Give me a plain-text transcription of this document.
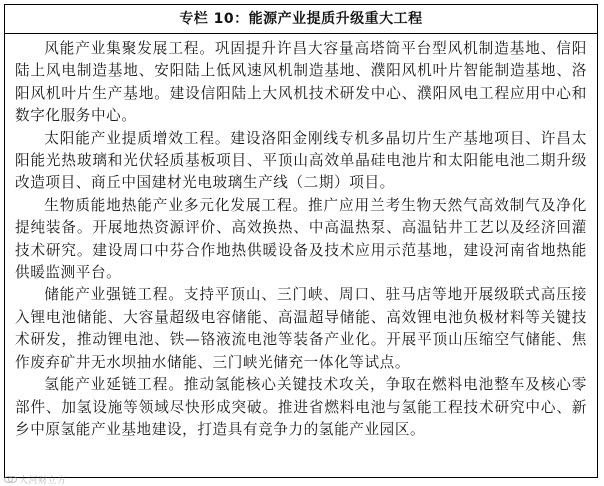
专栏 10：能源产业提质升级重大工程

风能产业集聚发展工程。巩固提升许昌大容量高塔筒平台型风机制造基地、信阳陆上风电制造基地、安阳陆上低风速风机制造基地、濮阳风机叶片智能制造基地、洛阳风机叶片生产基地。建设信阳陆上大风机技术研发中心、濮阳风电工程应用中心和数字化服务中心。

太阳能产业提质增效工程。建设洛阳金刚线专机多晶切片生产基地项目、许昌太阳能光热玻璃和光伏轻质基板项目、平顶山高效单晶硅电池片和太阳能电池二期升级改造项目、商丘中国建材光电玻璃生产线（二期）项目。

生物质能地热能产业多元化发展工程。推广应用兰考生物天然气高效制气及净化提纯装备。开展地热资源评价、高效换热、中高温热泵、高温钻井工艺以及经济回灌技术研究。建设周口中芬合作地热供暖设备及技术应用示范基地，建设河南省地热能供暖监测平台。

储能产业强链工程。支持平顶山、三门峡、周口、驻马店等地开展级联式高压接入锂电池储能、大容量超级电容储能、高温超导储能、高效锂电池负极材料等关键技术研发，推动锂电池、铁—铬液流电池等装备产业化。开展平顶山压缩空气储能、焦作废弃矿井无水坝抽水储能、三门峡光储充一体化等试点。

氢能产业延链工程。推动氢能核心关键技术攻关，争取在燃料电池整车及核心零部件、加氢设施等领域尽快形成突破。推进省燃料电池与氢能工程技术研究中心、新乡中原氢能产业基地建设，打造具有竞争力的氢能产业园区。

大河财立方
